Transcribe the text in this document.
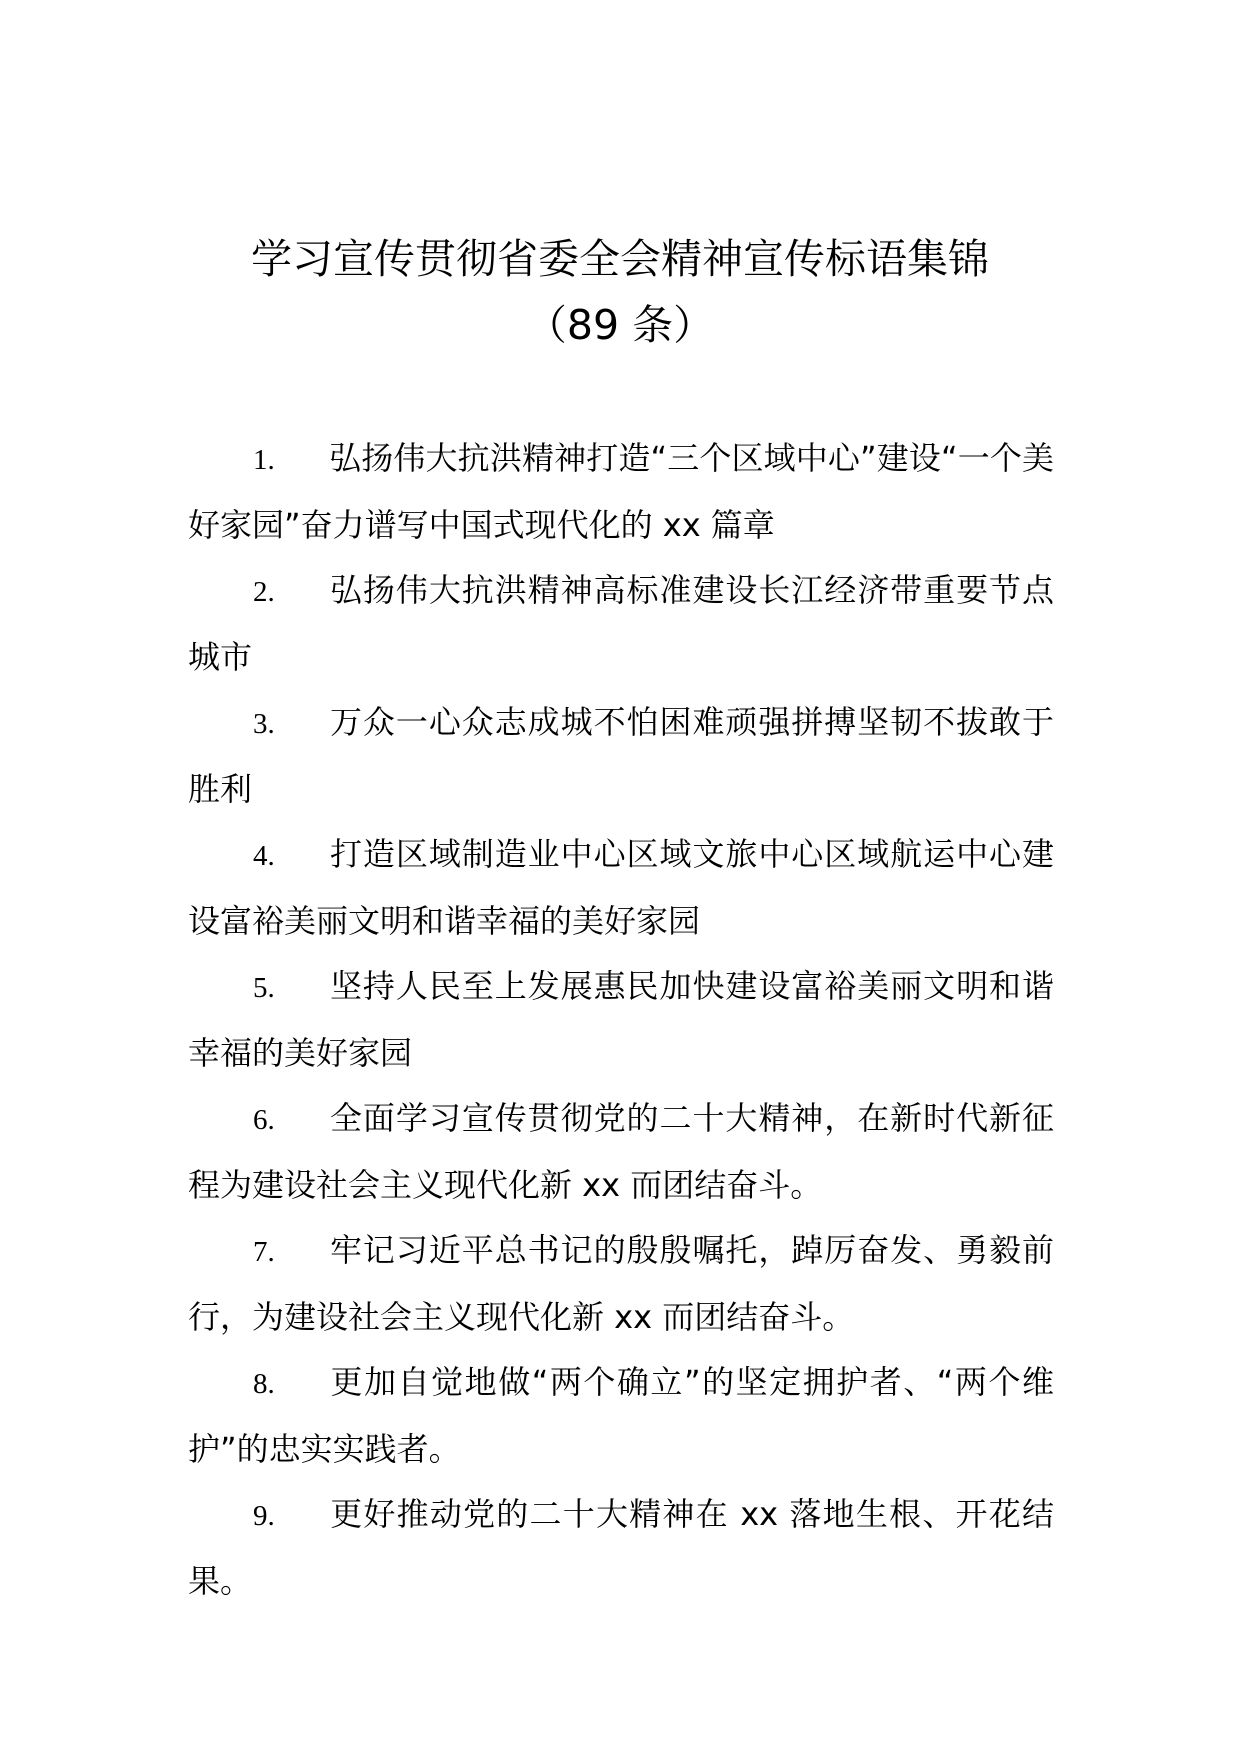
学习宣传贯彻省委全会精神宣传标语集锦
（89 条）

1. 弘扬伟大抗洪精神打造“三个区域中心”建设“一个美好家园”奋力谱写中国式现代化的 xx 篇章

2. 弘扬伟大抗洪精神高标准建设长江经济带重要节点城市

3. 万众一心众志成城不怕困难顽强拼搏坚韧不拔敢于胜利

4. 打造区域制造业中心区域文旅中心区域航运中心建设富裕美丽文明和谐幸福的美好家园

5. 坚持人民至上发展惠民加快建设富裕美丽文明和谐幸福的美好家园

6. 全面学习宣传贯彻党的二十大精神，在新时代新征程为建设社会主义现代化新 xx 而团结奋斗。

7. 牢记习近平总书记的殷殷嘱托，踔厉奋发、勇毅前行，为建设社会主义现代化新 xx 而团结奋斗。

8. 更加自觉地做“两个确立”的坚定拥护者、“两个维护”的忠实实践者。

9. 更好推动党的二十大精神在 xx 落地生根、开花结果。
